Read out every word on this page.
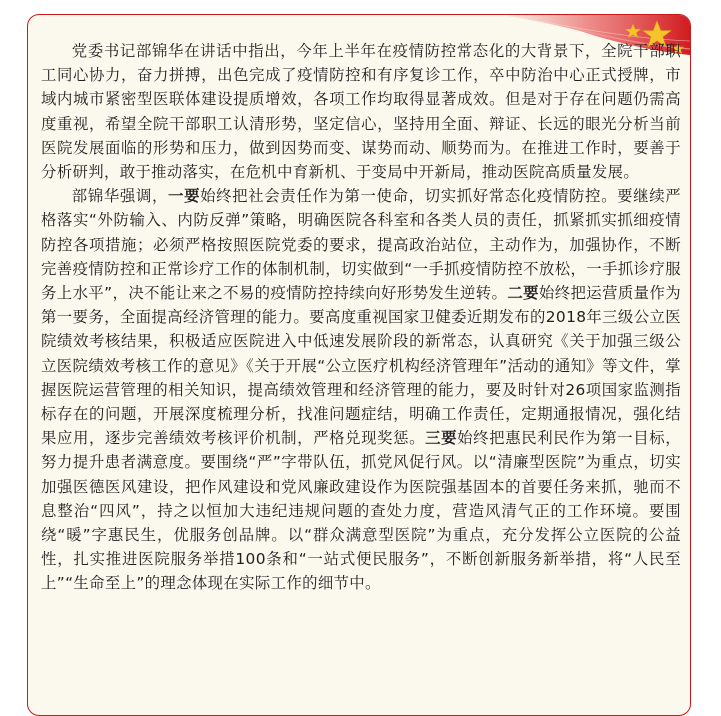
党委书记部锦华在讲话中指出，今年上半年在疫情防控常态化的大背景下，全院干部职工同心协力，奋力拼搏，出色完成了疫情防控和有序复诊工作，卒中防治中心正式授牌，市域内城市紧密型医联体建设提质增效，各项工作均取得显著成效。但是对于存在问题仍需高度重视，希望全院干部职工认清形势，坚定信心，坚持用全面、辩证、长远的眼光分析当前医院发展面临的形势和压力，做到因势而变、谋势而动、顺势而为。在推进工作时，要善于分析研判，敢于推动落实，在危机中育新机、于变局中开新局，推动医院高质量发展。

部锦华强调，一要始终把社会责任作为第一使命，切实抓好常态化疫情防控。要继续严格落实“外防输入、内防反弹”策略，明确医院各科室和各类人员的责任，抓紧抓实抓细疫情防控各项措施；必须严格按照医院党委的要求，提高政治站位，主动作为，加强协作，不断完善疫情防控和正常诊疗工作的体制机制，切实做到“一手抓疫情防控不放松，一手抓诊疗服务上水平”，决不能让来之不易的疫情防控持续向好形势发生逆转。二要始终把运营质量作为第一要务，全面提高经济管理的能力。要高度重视国家卫健委近期发布的2018年三级公立医院绩效考核结果，积极适应医院进入中低速发展阶段的新常态，认真研究《关于加强三级公立医院绩效考核工作的意见》《关于开展“公立医疗机构经济管理年”活动的通知》等文件，掌握医院运营管理的相关知识，提高绩效管理和经济管理的能力，要及时针对26项国家监测指标存在的问题，开展深度梳理分析，找准问题症结，明确工作责任，定期通报情况，强化结果应用，逐步完善绩效考核评价机制，严格兑现奖惩。三要始终把惠民利民作为第一目标，努力提升患者满意度。要围绕“严”字带队伍，抓党风促行风。以“清廉型医院”为重点，切实加强医德医风建设，把作风建设和党风廉政建设作为医院强基固本的首要任务来抓，驰而不息整治“四风”，持之以恒加大违纪违规问题的查处力度，营造风清气正的工作环境。要围绕“暖”字惠民生，优服务创品牌。以“群众满意型医院”为重点，充分发挥公立医院的公益性，扎实推进医院服务举措100条和“一站式便民服务”，不断创新服务新举措，将“人民至上”“生命至上”的理念体现在实际工作的细节中。
